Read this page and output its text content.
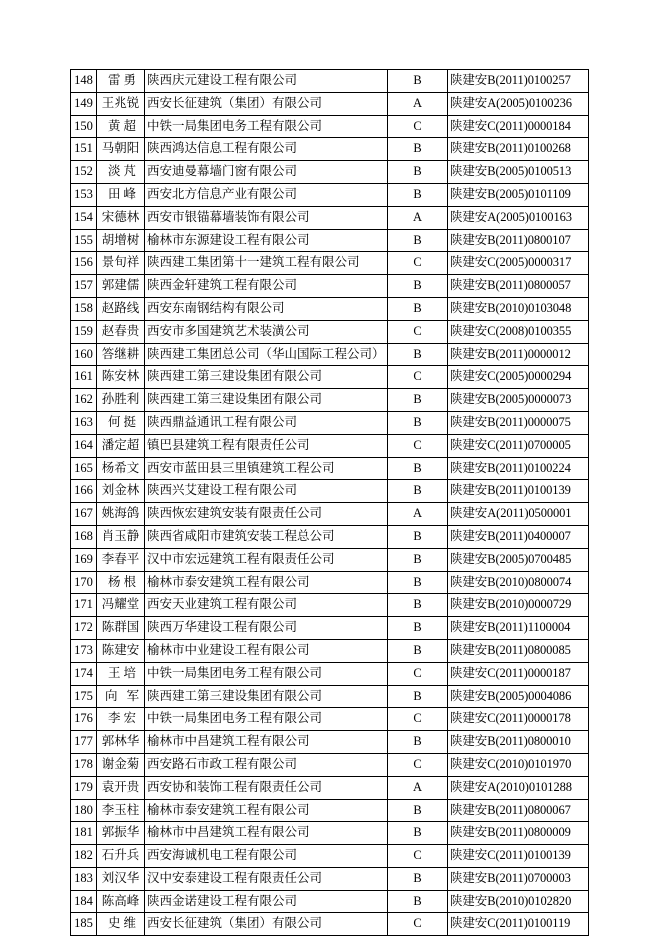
148	雷勇	陕西庆元建设工程有限公司	B	陕建安B(2011)0100257
149	王兆锐	西安长征建筑（集团）有限公司	A	陕建安A(2005)0100236
150	黄超	中铁一局集团电务工程有限公司	C	陕建安C(2011)0000184
151	马朝阳	陕西鸿达信息工程有限公司	B	陕建安B(2011)0100268
152	淡芃	西安迪曼幕墙门窗有限公司	B	陕建安B(2005)0100513
153	田峰	西安北方信息产业有限公司	B	陕建安B(2005)0101109
154	宋德林	西安市银锚幕墙装饰有限公司	A	陕建安A(2005)0100163
155	胡增树	榆林市东源建设工程有限公司	B	陕建安B(2011)0800107
156	景旬祥	陕西建工集团第十一建筑工程有限公司	C	陕建安C(2005)0000317
157	郭建儒	陕西金轩建筑工程有限公司	B	陕建安B(2011)0800057
158	赵路线	西安东南钢结构有限公司	B	陕建安B(2010)0103048
159	赵春贵	西安市多国建筑艺术装潢公司	C	陕建安C(2008)0100355
160	答继耕	陕西建工集团总公司（华山国际工程公司）	B	陕建安B(2011)0000012
161	陈安林	陕西建工第三建设集团有限公司	C	陕建安C(2005)0000294
162	孙胜利	陕西建工第三建设集团有限公司	B	陕建安B(2005)0000073
163	何挺	陕西鼎益通讯工程有限公司	B	陕建安B(2011)0000075
164	潘定超	镇巴县建筑工程有限责任公司	C	陕建安C(2011)0700005
165	杨希文	西安市蓝田县三里镇建筑工程公司	B	陕建安B(2011)0100224
166	刘金林	陕西兴艾建设工程有限公司	B	陕建安B(2011)0100139
167	姚海鸽	陕西恢宏建筑安装有限责任公司	A	陕建安A(2011)0500001
168	肖玉静	陕西省咸阳市建筑安装工程总公司	B	陕建安B(2011)0400007
169	李春平	汉中市宏远建筑工程有限责任公司	B	陕建安B(2005)0700485
170	杨根	榆林市泰安建筑工程有限公司	B	陕建安B(2010)0800074
171	冯耀堂	西安天业建筑工程有限公司	B	陕建安B(2010)0000729
172	陈群国	陕西万华建设工程有限公司	B	陕建安B(2011)1100004
173	陈建安	榆林市中业建设工程有限公司	B	陕建安B(2011)0800085
174	王培	中铁一局集团电务工程有限公司	C	陕建安C(2011)0000187
175	向 军	陕西建工第三建设集团有限公司	B	陕建安B(2005)0004086
176	李宏	中铁一局集团电务工程有限公司	C	陕建安C(2011)0000178
177	郭林华	榆林市中昌建筑工程有限公司	B	陕建安B(2011)0800010
178	谢金菊	西安路石市政工程有限公司	C	陕建安C(2010)0101970
179	袁开贵	西安协和装饰工程有限责任公司	A	陕建安A(2010)0101288
180	李玉柱	榆林市泰安建筑工程有限公司	B	陕建安B(2011)0800067
181	郭振华	榆林市中昌建筑工程有限公司	B	陕建安B(2011)0800009
182	石升兵	西安海诚机电工程有限公司	C	陕建安C(2011)0100139
183	刘汉华	汉中安泰建设工程有限责任公司	B	陕建安B(2011)0700003
184	陈高峰	陕西金诺建设工程有限公司	B	陕建安B(2010)0102820
185	史维	西安长征建筑（集团）有限公司	C	陕建安C(2011)0100119
